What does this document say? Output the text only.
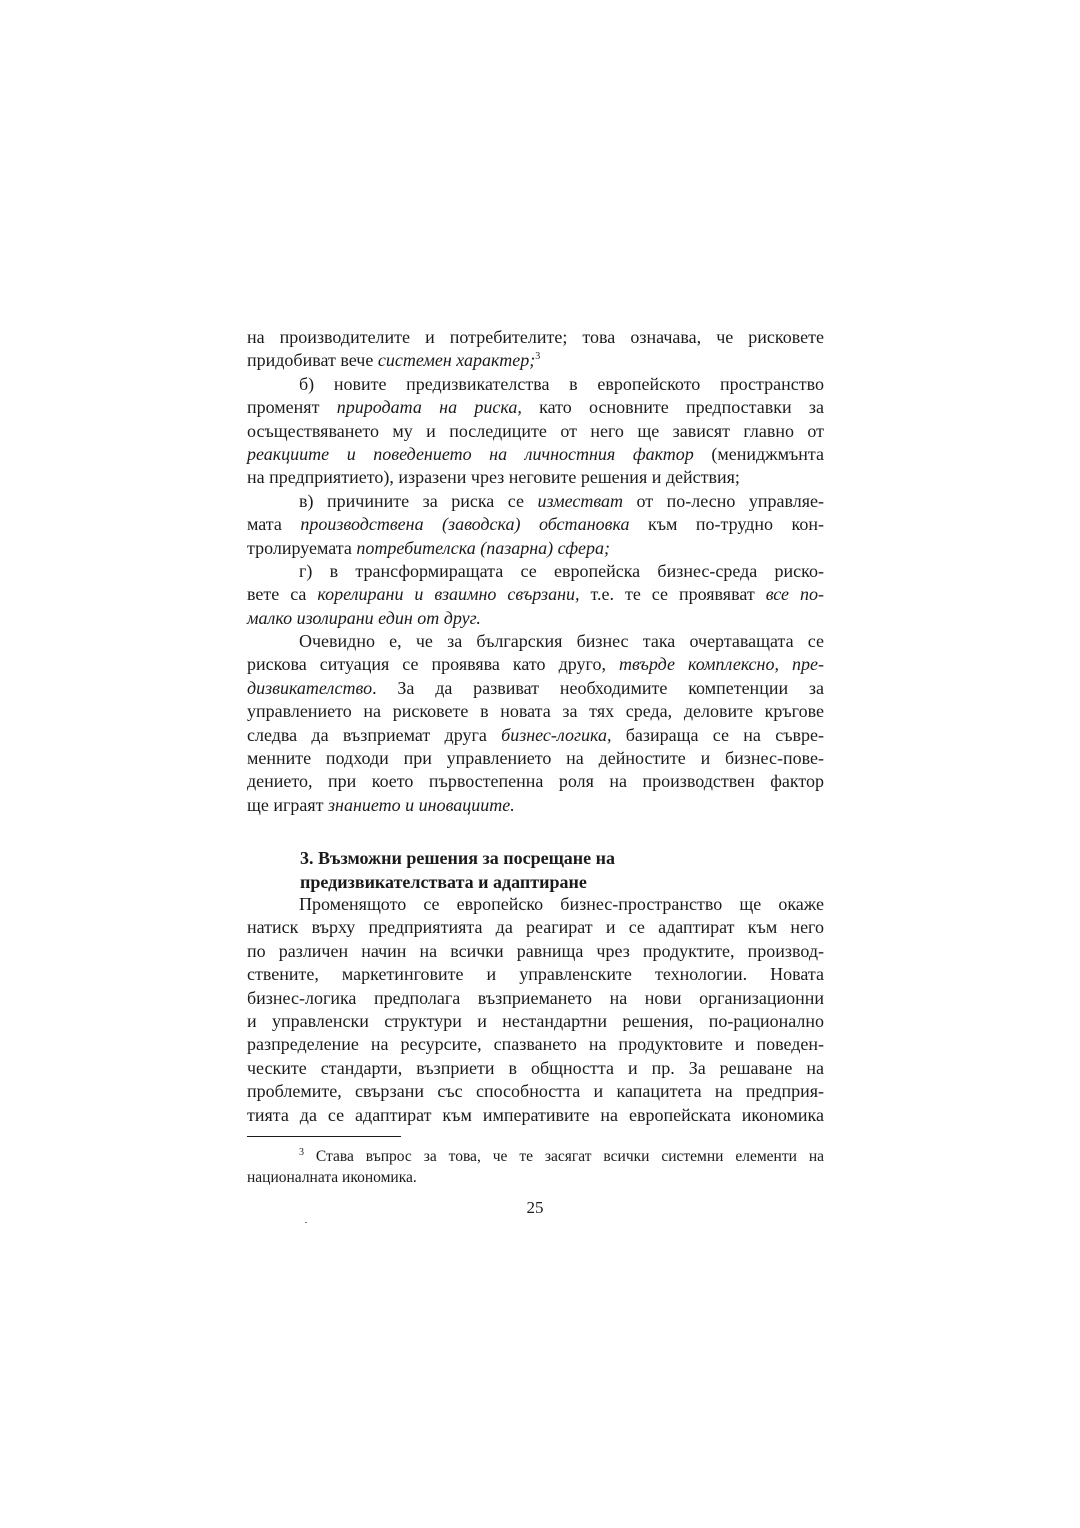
на производителите и потребителите; това означава, че рисковете
придобиват вече системен характер;$^3$
б) новите предизвикателства в европейското пространство
променят природата на риска, като основните предпоставки за
осъществяването му и последиците от него ще зависят главно от
реакциите и поведението на личностния фактор (мениджмънта
на предприятието), изразени чрез неговите решения и действия;
в) причините за риска се изместват от по-лесно управляе-
мата производствена (заводска) обстановка към по-трудно кон-
тролируемата потребителска (пазарна) сфера;
г) в трансформиращата се европейска бизнес-среда риско-
вете са корелирани и взаимно свързани, т.е. те се проявяват все по-
малко изолирани един от друг.
Очевидно е, че за българския бизнес така очертаващата се
рискова ситуация се проявява като друго, твърде комплексно, пре-
дизвикателство. За да развиват необходимите компетенции за
управлението на рисковете в новата за тях среда, деловите кръгове
следва да възприемат друга бизнес-логика, базираща се на съвре-
менните подходи при управлението на дейностите и бизнес-пове-
дението, при което първостепенна роля на производствен фактор
ще играят знанието и иновациите.
3. Възможни решения за посрещане на
предизвикателствата и адаптиране
Променящото се европейско бизнес-пространство ще окаже
натиск върху предприятията да реагират и се адаптират към него
по различен начин на всички равнища чрез продуктите, производ-
ствените, маркетинговите и управленските технологии. Новата
бизнес-логика предполага възприемането на нови организационни
и управленски структури и нестандартни решения, по-рационално
разпределение на ресурсите, спазването на продуктовите и поведен-
ческите стандарти, възприети в общността и пр. За решаване на
проблемите, свързани със способността и капацитета на предприя-
тията да се адаптират към императивите на европейската икономика
$^3$ Става въпрос за това, че те засягат всички системни елементи на
националната икономика.
25
